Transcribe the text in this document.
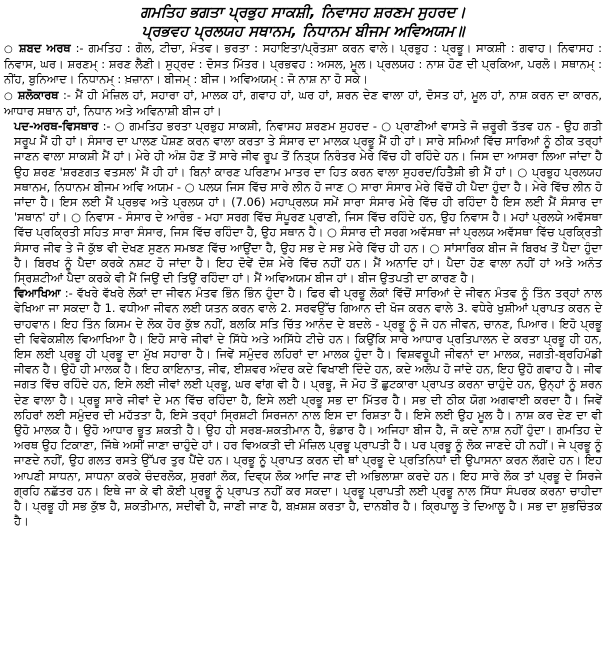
ਗਮਤਿਹ ਭਗਤਾ ਪ੍ਰਭੁਹ ਸਾਕਸ਼ੀ, ਨਿਵਾਸਹ ਸ਼ਰਣਮ ਸੁਹਰਦ।

ਪ੍ਰਭਵਹ ਪ੍ਰਲਯਹ ਸਥਾਨਮ, ਨਿਧਾਨਮ ਬੀਜਮ ਅਵਿਅਯਮ॥

○ ਸ਼ਬਦ ਅਰਥ :- ਗਮਤਿਹ : ਗੋਲ, ਟੀਚਾ, ਮੰਤਵ। ਭਰਤਾ : ਸਹਾਇਤਾ/ਪ੍ਰੋਤਸ਼ਾ ਕਰਨ ਵਾਲੇ। ਪ੍ਰਭੁਹ : ਪ੍ਰਭੂ। ਸਾਕਸ਼ੀ : ਗਵਾਹ। ਨਿਵਾਸਹ : ਨਿਵਾਸ, ਘਰ। ਸ਼ਰਣਮ੍ : ਸ਼ਰਣ ਲੈਣੀ। ਸੁਹ੍ਰਦ : ਦੋਸਤ ਮਿੱਤਰ। ਪ੍ਰਭਵਹ : ਅਸਲ, ਮੂਲ। ਪ੍ਰਲਯਹ : ਨਾਸ਼ ਹੋਣ ਦੀ ਪ੍ਰਕਿਆ, ਪਰਲੋ। ਸਥਾਨਮ੍ : ਨੀਂਹ, ਬੁਨਿਆਦ। ਨਿਧਾਨਮ੍ : ਖ਼ਜ਼ਾਨਾ। ਬੀਜਮ੍ : ਬੀਜ। ਅਵਿਅਯਮ੍ : ਜੋ ਨਾਸ਼ ਨਾ ਹੋ ਸਕੇ।

○ ਸ਼ਲੋਕਾਰਥ :- ਮੈਂ ਹੀ ਮੰਜ਼ਿਲ ਹਾਂ, ਸਹਾਰਾ ਹਾਂ, ਮਾਲਕ ਹਾਂ, ਗਵਾਹ ਹਾਂ, ਘਰ ਹਾਂ, ਸ਼ਰਨ ਦੇਣ ਵਾਲਾ ਹਾਂ, ਦੋਸਤ ਹਾਂ, ਮੂਲ ਹਾਂ, ਨਾਸ਼ ਕਰਨ ਦਾ ਕਾਰਨ, ਆਧਾਰ ਸਥਾਨ ਹਾਂ, ਨਿਧਾਨ ਅਤੇ ਅਵਿਨਾਸ਼ੀ ਬੀਜ ਹਾਂ।

ਪਦ-ਅਰਥ-ਵਿਸਥਾਰ :- ○ ਗਮਤਿਹ ਭਰਤਾ ਪ੍ਰਭੁਹ ਸਾਕਸ਼ੀ, ਨਿਵਾਸਹ ਸ਼ਰਣਮ ਸੁਹਰਦ - ○ ਪ੍ਰਾਣੀਆਂ ਵਾਸਤੇ ਜੋ ਜ਼ਰੂਰੀ ਤੱਤਵ ਹਨ - ਉਹ ਗਤੀ ਸਰੂਪ ਮੈਂ ਹੀ ਹਾਂ। ਸੰਸਾਰ ਦਾ ਪਾਲਣ ਪੋਸ਼ਣ ਕਰਨ ਵਾਲਾ ਕਰਤਾ ਤੇ ਸੰਸਾਰ ਦਾ ਮਾਲਕ ਪ੍ਰਭੂ ਮੈਂ ਹੀ ਹਾਂ। ਸਾਰੇ ਸਮਿਆਂ ਵਿੱਚ ਸਾਰਿਆਂ ਨੂੰ ਠੀਕ ਤਰ੍ਹਾਂ ਜਾਣਨ ਵਾਲਾ ਸਾਕਸ਼ੀ ਮੈਂ ਹਾਂ। ਮੇਰੇ ਹੀ ਅੰਸ਼ ਹੋਣ ਤੋਂ ਸਾਰੇ ਜੀਵ ਰੂਪ ਤੋਂ ਨਿਤ੍ਯ ਨਿਰੰਤਰ ਮੇਰੇ ਵਿੱਚ ਹੀ ਰਹਿੰਦੇ ਹਨ। ਜਿਸ ਦਾ ਆਸਰਾ ਲਿਆ ਜਾਂਦਾ ਹੈ ਉਹ ਸ਼ਰਣ 'ਸ਼ਰਣਗਤ ਵਤਸਲ' ਮੈਂ ਹੀ ਹਾਂ। ਬਿਨਾਂ ਕਾਰਣ ਪਰਿਣਾਮ ਮਾਤਰ ਦਾ ਹਿਤ ਕਰਨ ਵਾਲਾ ਸੁਹਰਦ/ਹਿਤੈਸ਼ੀ ਭੀ ਮੈਂ ਹਾਂ। ○ ਪ੍ਰਭੁਹ ਪ੍ਰਲਯਹ ਸਥਾਨਮ, ਨਿਧਾਨਮ ਬੀਜਮ ਅਵਿ ਅਯਮ - ○ ਪਲਯ ਜਿਸ ਵਿੱਚ ਸਾਰੇ ਲੀਨ ਹੋ ਜਾਣ ○ ਸਾਰਾ ਸੰਸਾਰ ਮੇਰੇ ਵਿੱਚੋਂ ਹੀ ਪੈਦਾ ਹੁੰਦਾ ਹੈ। ਮੇਰੇ ਵਿੱਚ ਲੀਨ ਹੋ ਜਾਂਦਾ ਹੈ। ਇਸ ਲਈ ਮੈਂ ਪ੍ਰਭਵ ਅਤੇ ਪ੍ਰਲਯ ਹਾਂ। (7.06) ਮਹਾਪ੍ਰਲਯ ਸਮੇਂ ਸਾਰਾ ਸੰਸਾਰ ਮੇਰੇ ਵਿੱਚ ਹੀ ਰਹਿੰਦਾ ਹੈ ਇਸ ਲਈ ਮੈਂ ਸੰਸਾਰ ਦਾ 'ਸਥਾਨ' ਹਾਂ। ○ ਨਿਵਾਸ - ਸੰਸਾਰ ਦੇ ਆਰੰਭ - ਮਹਾ ਸਰਗ ਵਿੱਚ ਸੰਪੂਰਣ ਪ੍ਰਾਣੀ, ਜਿਸ ਵਿੱਚ ਰਹਿੰਦੇ ਹਨ, ਉਹ ਨਿਵਾਸ ਹੈ। ਮਹਾਂ ਪ੍ਰਲਯੇ ਅਵੱਸਥਾ ਵਿੱਚ ਪ੍ਰਕ੍ਰਿਤੀ ਸਹਿਤ ਸਾਰਾ ਸੰਸਾਰ, ਜਿਸ ਵਿੱਚ ਰਹਿੰਦਾ ਹੈ, ਉਹ ਸਥਾਨ ਹੈ। ○ ਸੰਸਾਰ ਦੀ ਸਰਗ ਅਵੱਸਥਾ ਜਾਂ ਪ੍ਰਲਯ ਅਵੱਸਥਾ ਵਿੱਚ ਪ੍ਰਕ੍ਰਿਤੀ ਸੰਸਾਰ ਜੀਵ ਤੇ ਜੋ ਕੁੱਝ ਵੀ ਦੇਖਣ ਸੁਣਨ ਸਮਝਣ ਵਿੱਚ ਆਉਂਦਾ ਹੈ, ਉਹ ਸਭ ਦੇ ਸਭ ਮੇਰੇ ਵਿੱਚ ਹੀ ਹਨ। ○ ਸਾਂਸਾਰਿਕ ਬੀਜ ਜੋ ਬਿਰਖ ਤੋਂ ਪੈਦਾ ਹੁੰਦਾ ਹੈ। ਬਿਰਖ ਨੂੰ ਪੈਦਾ ਕਰਕੇ ਨਸ਼ਟ ਹੋ ਜਾਂਦਾ ਹੈ। ਇਹ ਦੋਵੇਂ ਦੋਸ਼ ਮੇਰੇ ਵਿੱਚ ਨਹੀਂ ਹਨ। ਮੈਂ ਅਨਾਦਿ ਹਾਂ। ਪੈਦਾ ਹੋਣ ਵਾਲਾ ਨਹੀਂ ਹਾਂ ਅਤੇ ਅਨੰਤ ਸ੍ਰਿਸ਼ਟੀਆਂ ਪੈਦਾ ਕਰਕੇ ਵੀ ਮੈਂ ਜਿਉਂ ਦੀ ਤਿਉਂ ਰਹਿੰਦਾ ਹਾਂ। ਮੈਂ ਅਵਿਅਯਮ ਬੀਜ ਹਾਂ। ਬੀਜ ਉਤਪਤੀ ਦਾ ਕਾਰਣ ਹੈ।

ਵਿਆਖਿਆ :- ਵੱਖਰੇ ਵੱਖਰੇ ਲੋਕਾਂ ਦਾ ਜੀਵਨ ਮੰਤਵ ਭਿੰਨ ਭਿੰਨ ਹੁੰਦਾ ਹੈ। ਫਿਰ ਵੀ ਪ੍ਰਭੂ ਲੋਕਾਂ ਵਿੱਚੋਂ ਸਾਰਿਆਂ ਦੇ ਜੀਵਨ ਮੰਤਵ ਨੂੰ ਤਿੰਨ ਤਰ੍ਹਾਂ ਨਾਲ ਵੇਖਿਆ ਜਾ ਸਕਦਾ ਹੈ 1. ਵਧੀਆ ਜੀਵਨ ਲਈ ਯਤਨ ਕਰਨ ਵਾਲੇ 2. ਸਰਵਉੱਚ ਗਿਆਨ ਦੀ ਖੋਜ ਕਰਨ ਵਾਲੇ 3. ਵਧੇਰੇ ਖੁਸ਼ੀਆਂ ਪ੍ਰਾਪਤ ਕਰਨ ਦੇ ਚਾਹਵਾਨ। ਇਹ ਤਿੰਨ ਕਿਸਮ ਦੇ ਲੋਕ ਹੋਰ ਕੁੱਝ ਨਹੀਂ, ਬਲਕਿ ਸਤਿ ਚਿੱਤ ਆਨੰਦ ਦੇ ਬਦਲੇ - ਪ੍ਰਭੂ ਨੂੰ ਜੋ ਹਨ ਜੀਵਨ, ਚਾਨਣ, ਪਿਆਰ। ਇਹੋ ਪ੍ਰਭੂ ਦੀ ਵਿਵੇਕਸ਼ੀਲ ਵਿਆਖਿਆ ਹੈ। ਇਹੋ ਸਾਰੇ ਜੀਵਾਂ ਦੇ ਸਿੱਧੇ ਅਤੇ ਅਸਿੱਧੇ ਟੀਚੇ ਹਨ। ਕਿਉਂਕਿ ਸਾਰੇ ਆਧਾਰ ਪ੍ਰਤਿਪਾਲਨ ਦੇ ਕਰਤਾ ਪ੍ਰਭੂ ਹੀ ਹਨ, ਇਸ ਲਈ ਪ੍ਰਭੂ ਹੀ ਪ੍ਰਭੂ ਦਾ ਮੁੱਖ ਸਹਾਰਾ ਹੈ। ਜਿਵੇਂ ਸਮੁੰਦਰ ਲਹਿਰਾਂ ਦਾ ਮਾਲਕ ਹੁੰਦਾ ਹੈ। ਵਿਸ਼ਵਰੂਪੀ ਜੀਵਨਾਂ ਦਾ ਮਾਲਕ, ਜਗਤੀ-ਬ੍ਰਹਿਮੰਡੀ ਜੀਵਨ ਹੈ। ਉਹੋ ਹੀ ਮਾਲਕ ਹੈ। ਇਹ ਕਾਇਨਾਤ, ਜੀਵ, ਈਸ਼ਵਰ ਅੰਦਰ ਕਦੇ ਵਿਖਾਈ ਦਿੰਦੇ ਹਨ, ਕਦੇ ਅਲੋਪ ਹੋ ਜਾਂਦੇ ਹਨ, ਇਹ ਉਹੋ ਗਵਾਹ ਹੈ। ਜੀਵ ਜਗਤ ਵਿੱਚ ਰਹਿੰਦੇ ਹਨ, ਇਸੇ ਲਈ ਜੀਵਾਂ ਲਈ ਪ੍ਰਭੂ, ਘਰ ਵਾਂਗ ਵੀ ਹੈ। ਪ੍ਰਭੂ, ਜੋ ਮੋਹ ਤੋਂ ਛੁਟਕਾਰਾ ਪ੍ਰਾਪਤ ਕਰਨਾ ਚਾਹੁੰਦੇ ਹਨ, ਉਨ੍ਹਾਂ ਨੂੰ ਸ਼ਰਨ ਦੇਣ ਵਾਲਾ ਹੈ। ਪ੍ਰਭੂ ਸਾਰੇ ਜੀਵਾਂ ਦੇ ਮਨ ਵਿੱਚ ਰਹਿੰਦਾ ਹੈ, ਇਸੇ ਲਈ ਪ੍ਰਭੂ ਸਭ ਦਾ ਮਿੱਤਰ ਹੈ। ਸਭ ਦੀ ਠੀਕ ਯੋਗ ਅਗਵਾਈ ਕਰਦਾ ਹੈ। ਜਿਵੇਂ ਲਹਿਰਾਂ ਲਈ ਸਮੁੰਦਰ ਦੀ ਮਹੱਤਤਾ ਹੈ, ਇਸੇ ਤਰ੍ਹਾਂ ਸ੍ਰਿਸ਼ਟੀ ਸਿਰਜਨਾ ਨਾਲ ਇਸ ਦਾ ਰਿਸ਼ਤਾ ਹੈ। ਇਸੇ ਲਈ ਉਹ ਮੂਲ ਹੈ। ਨਾਸ਼ ਕਰ ਦੇਣ ਦਾ ਵੀ ਉਹੋ ਮਾਲਕ ਹੈ। ਉਹੋ ਆਧਾਰ ਭੂਤ ਸ਼ਕਤੀ ਹੈ। ਉਹ ਹੀ ਸਰਬ-ਸ਼ਕਤੀਮਾਨ ਹੈ, ਭੰਡਾਰ ਹੈ। ਅਜਿਹਾ ਬੀਜ ਹੈ, ਜੋ ਕਦੇ ਨਾਸ਼ ਨਹੀਂ ਹੁੰਦਾ। ਗਮਤਿਹ ਦੇ ਅਰਥ ਉਹ ਟਿਕਾਣਾ, ਜਿੱਥੇ ਅਸੀਂ ਜਾਣਾ ਚਾਹੁੰਦੇ ਹਾਂ। ਹਰ ਵਿਅਕਤੀ ਦੀ ਮੰਜ਼ਿਲ ਪ੍ਰਭੂ ਪ੍ਰਾਪਤੀ ਹੈ। ਪਰ ਪ੍ਰਭੂ ਨੂੰ ਲੋਕ ਜਾਣਦੇ ਹੀ ਨਹੀਂ। ਜੇ ਪ੍ਰਭੂ ਨੂੰ ਜਾਣਦੇ ਨਹੀਂ, ਉਹ ਗਲਤ ਰਸਤੇ ਉੱਪਰ ਤੁਰ ਪੈਂਦੇ ਹਨ। ਪ੍ਰਭੂ ਨੂੰ ਪ੍ਰਾਪਤ ਕਰਨ ਦੀ ਥਾਂ ਪ੍ਰਭੂ ਦੇ ਪ੍ਰਤਿਨਿਧਾਂ ਦੀ ਉਪਾਸਨਾ ਕਰਨ ਲੱਗਦੇ ਹਨ। ਇਹ ਆਪਣੀ ਸਾਧਨਾ, ਸਾਧਨਾ ਕਰਕੇ ਚੰਦਰਲੋਕ, ਸੁਰਗਾਂ ਲੋਕ, ਦਿਵ੍ਯ ਲੋਕ ਆਦਿ ਜਾਣ ਦੀ ਅਭਿਲਾਸ਼ਾ ਕਰਦੇ ਹਨ। ਇਹ ਸਾਰੇ ਲੋਕ ਤਾਂ ਪ੍ਰਭੂ ਦੇ ਸਿਰਜੇ ਗ੍ਰਹਿ ਨਛੱਤਰ ਹਨ। ਇਥੇ ਜਾ ਕੇ ਵੀ ਕੋਈ ਪ੍ਰਭੂ ਨੂੰ ਪ੍ਰਾਪਤ ਨਹੀਂ ਕਰ ਸਕਦਾ। ਪ੍ਰਭੂ ਪ੍ਰਾਪਤੀ ਲਈ ਪ੍ਰਭੂ ਨਾਲ ਸਿੱਧਾ ਸੰਪਰਕ ਕਰਨਾ ਚਾਹੀਦਾ ਹੈ। ਪ੍ਰਭੂ ਹੀ ਸਭ ਕੁੱਝ ਹੈ, ਸ਼ਕਤੀਮਾਨ, ਸਦੀਵੀ ਹੈ, ਜਾਣੀ ਜਾਣ ਹੈ, ਬਖ਼ਸ਼ਸ਼ ਕਰਤਾ ਹੈ, ਦਾਨਬੀਰ ਹੈ। ਕ੍ਰਿਪਾਲੂ ਤੇ ਦਿਆਲੂ ਹੈ। ਸਭ ਦਾ ਸ਼ੁਭਚਿੰਤਕ ਹੈ।
